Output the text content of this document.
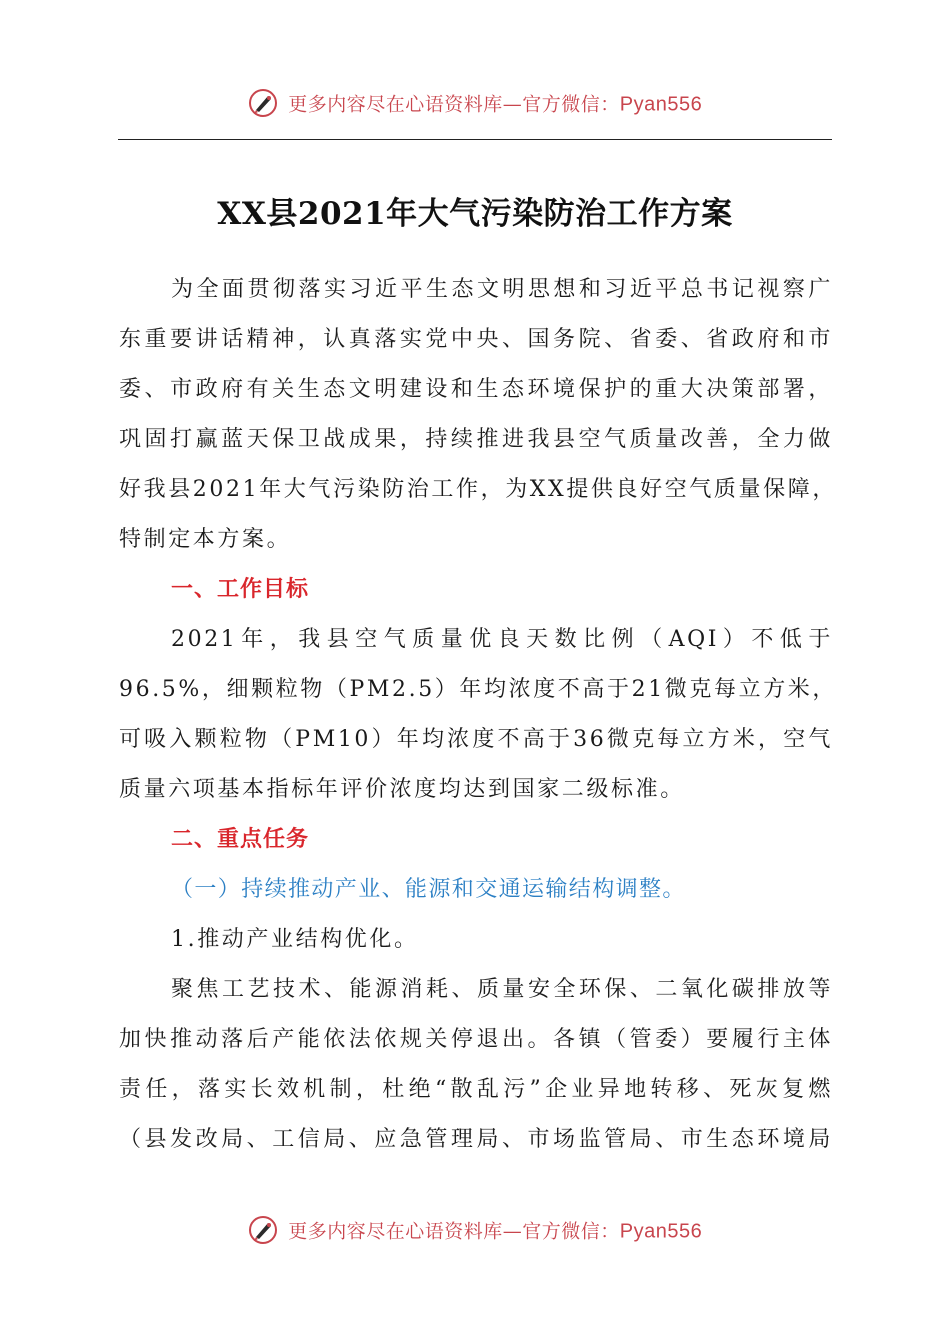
更多内容尽在心语资料库—官方微信：Pyan556
XX县2021年大气污染防治工作方案
为全面贯彻落实习近平生态文明思想和习近平总书记视察广
东重要讲话精神，认真落实党中央、国务院、省委、省政府和市
委、市政府有关生态文明建设和生态环境保护的重大决策部署，
巩固打赢蓝天保卫战成果，持续推进我县空气质量改善，全力做
好我县2021年大气污染防治工作，为XX提供良好空气质量保障，
特制定本方案。
一、工作目标
2021年，我县空气质量优良天数比例（AQI）不低于
96.5%，细颗粒物（PM2.5）年均浓度不高于21微克每立方米，
可吸入颗粒物（PM10）年均浓度不高于36微克每立方米，空气
质量六项基本指标年评价浓度均达到国家二级标准。
二、重点任务
（一）持续推动产业、能源和交通运输结构调整。
1.推动产业结构优化。
聚焦工艺技术、能源消耗、质量安全环保、二氧化碳排放等
加快推动落后产能依法依规关停退出。各镇（管委）要履行主体
责任，落实长效机制，杜绝“散乱污”企业异地转移、死灰复燃
（县发改局、工信局、应急管理局、市场监管局、市生态环境局
更多内容尽在心语资料库—官方微信：Pyan556
